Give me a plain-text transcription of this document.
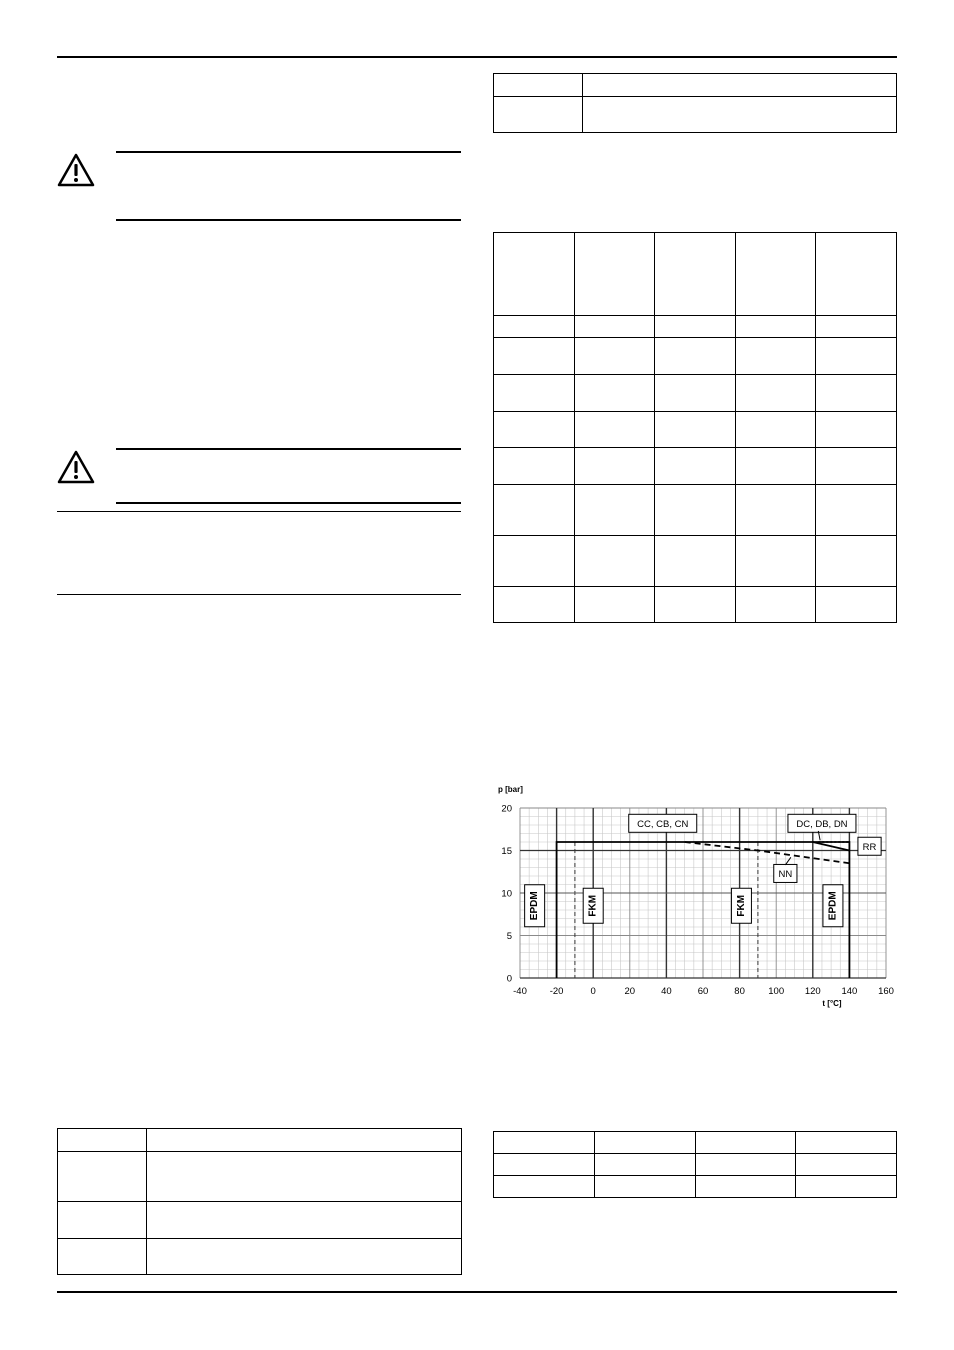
-40 -20	0	20	40	60	80 100 120 140 160
0
5
10
15
20
p [bar]
t [°C]
CC, CB, CN	DC, DB, DN
RR
NN
EPDM	FKM	FKM	EPDM
